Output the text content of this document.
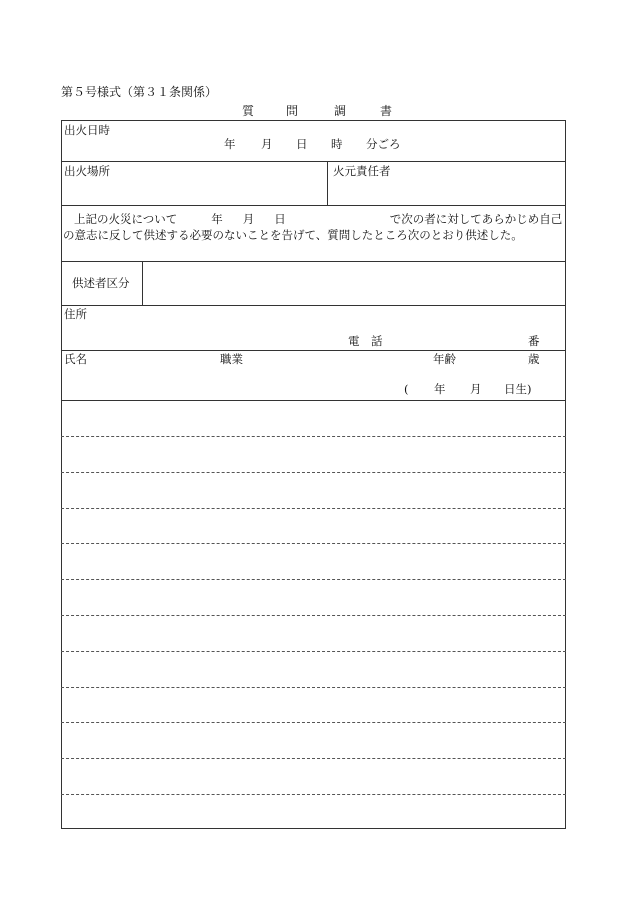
第５号様式（第３１条関係）
質	問	調	書
出火日時
年 月 日 時 分ごろ
出火場所	火元責任者
上記の火災について	年 月 日	で次の者に対してあらかじめ自己の意志に反して供述する必要のないことを告げて、質問したところ次のとおり供述した。
供述者区分
住所
電　話	番
氏名	職業	年齢	歳
( 年 月 日生)
